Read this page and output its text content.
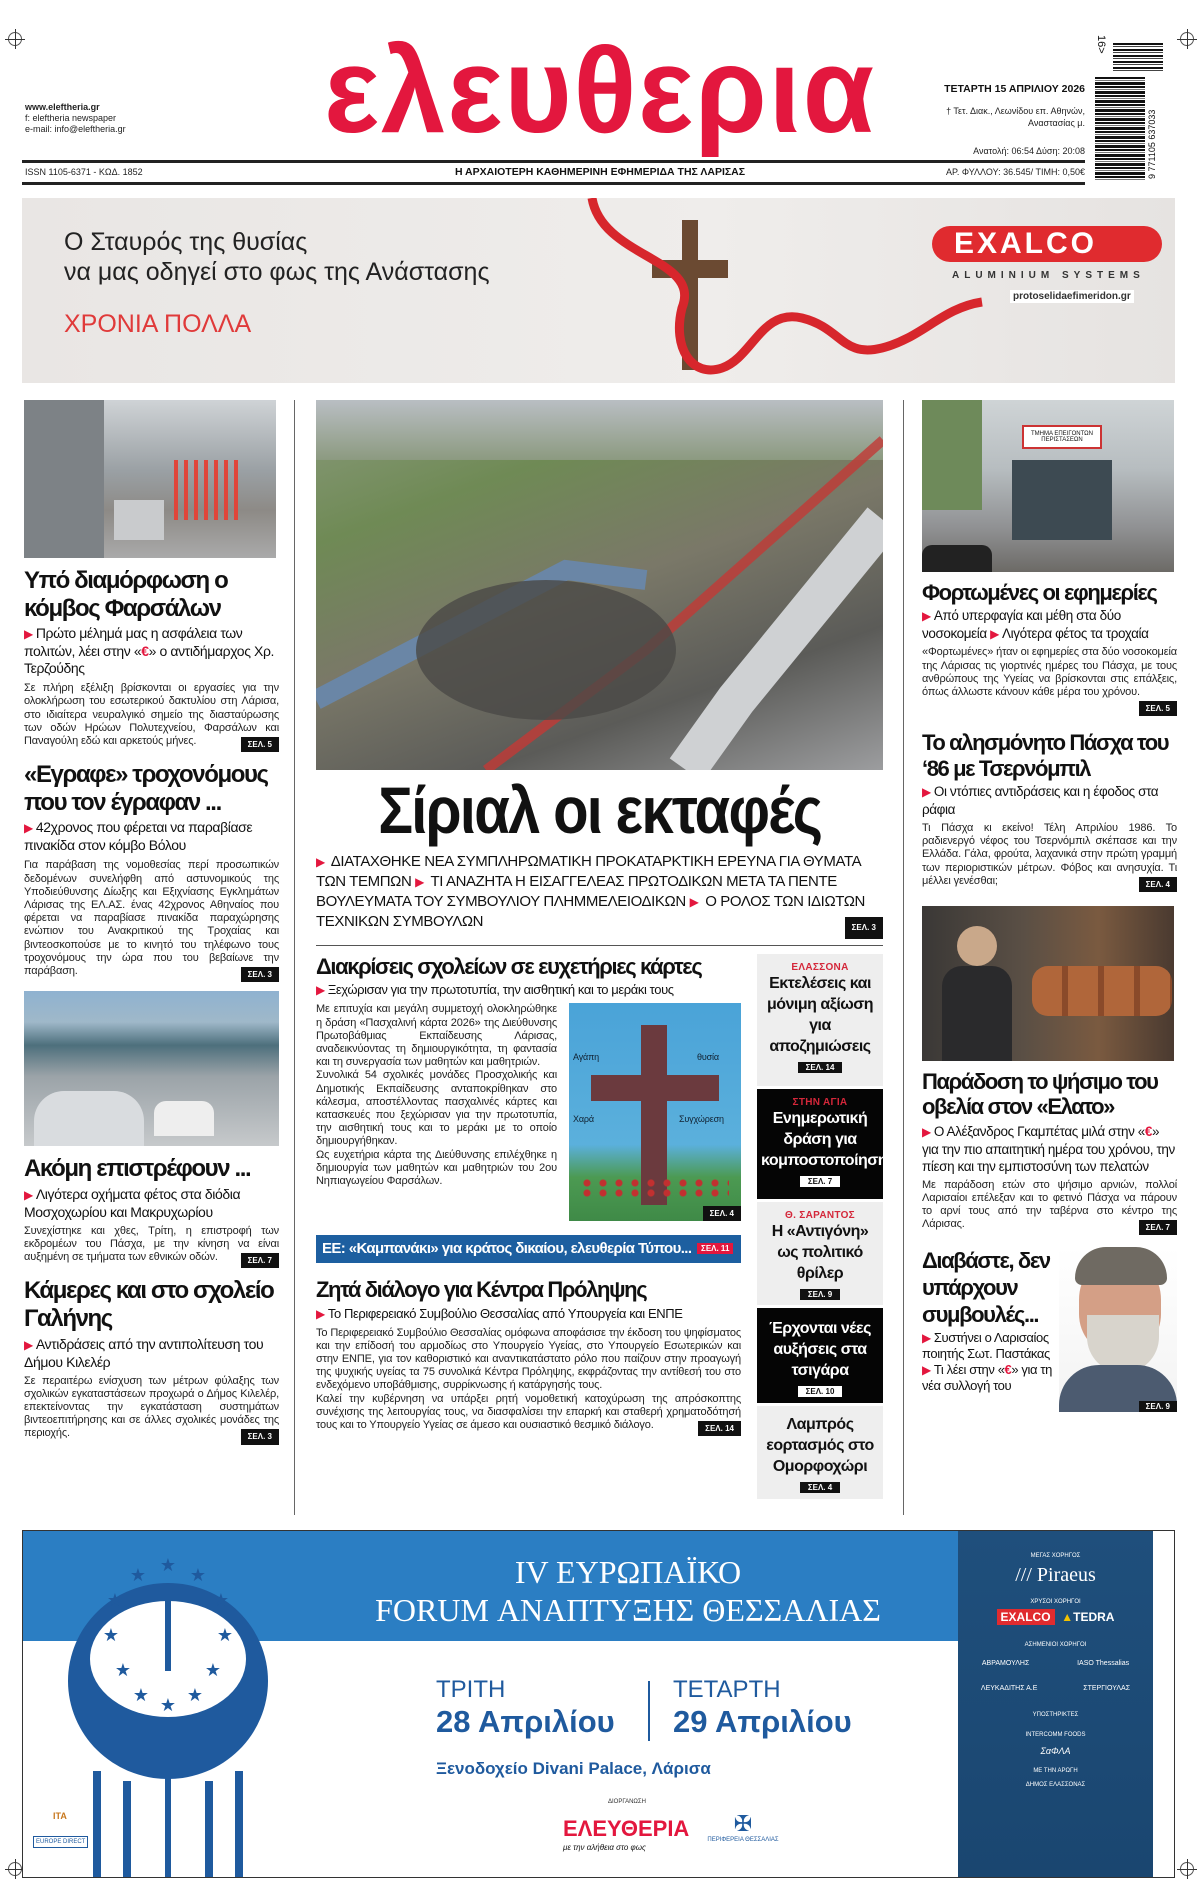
ελευθερια
www.eleftheria.gr
f: eleftheria newspaper
e-mail: info@eleftheria.gr
ΤΕΤΑΡΤΗ 15 ΑΠΡΙΛΙΟΥ 2026
† Τετ. Διακ., Λεωνίδου επ. Αθηνών,
Αναστασίας μ.
Ανατολή: 06:54 Δύση: 20:08
16>
9 771105 637033
ISSN 1105-6371 - ΚΩΔ. 1852	Η ΑΡΧΑΙΟΤΕΡΗ ΚΑΘΗΜΕΡΙΝΗ ΕΦΗΜΕΡΙΔΑ ΤΗΣ ΛΑΡΙΣΑΣ	ΑΡ. ΦΥΛΛΟΥ: 36.545/ ΤΙΜΗ: 0,50€
Ο Σταυρός της θυσίας
να μας οδηγεί στο φως της Ανάστασης
ΧΡΟΝΙΑ ΠΟΛΛΑ
EXALCO
ALUMINIUM SYSTEMS
protoselidaefimeridon.gr
Υπό διαμόρφωση ο κόμβος Φαρσάλων
▶ Πρώτο μέλημά μας η ασφάλεια των πολιτών, λέει στην «€» ο αντιδήμαρχος Χρ. Τερζούδης
Σε πλήρη εξέλιξη βρίσκονται οι εργασίες για την ολοκλήρωση του εσωτερικού δακτυλίου στη Λάρισα, στο ιδιαίτερα νευραλγικό σημείο της διασταύρωσης των οδών Ηρώων Πολυτεχνείου, Φαρσάλων και Παναγούλη εδώ και αρκετούς μήνες.	ΣΕΛ. 5
«Εγραφε» τροχονόμους που τον έγραφαν ...
▶ 42χρονος που φέρεται να παραβίασε πινακίδα στον κόμβο Βόλου
Για παράβαση της νομοθεσίας περί προσωπικών δεδομένων συνελήφθη από αστυνομικούς της Υποδιεύθυνσης Δίωξης και Εξιχνίασης Εγκλημάτων Λάρισας της ΕΛ.ΑΣ. ένας 42χρονος Αθηναίος που φέρεται να παραβίασε πινακίδα παραχώρησης ενώπιον του Ανακριτικού της Τροχαίας και βιντεοσκοπούσε με το κινητό του τηλέφωνο τους τροχονόμους την ώρα που του βεβαίωνε την παράβαση.	ΣΕΛ. 3
Ακόμη επιστρέφουν ...
▶ Λιγότερα οχήματα φέτος στα διόδια Μοσχοχωρίου και Μακρυχωρίου
Συνεχίστηκε και χθες, Τρίτη, η επιστροφή των εκδρομέων του Πάσχα, με την κίνηση να είναι αυξημένη σε τμήματα των εθνικών οδών.	ΣΕΛ. 7
Κάμερες και στο σχολείο Γαλήνης
▶ Αντιδράσεις από την αντιπολίτευση του Δήμου Κιλελέρ
Σε περαιτέρω ενίσχυση των μέτρων φύλαξης των σχολικών εγκαταστάσεων προχωρά ο Δήμος Κιλελέρ, επεκτείνοντας την εγκατάσταση συστημάτων βιντεοεπιτήρησης και σε άλλες σχολικές μονάδες της περιοχής.	ΣΕΛ. 3
Σίριαλ οι εκταφές
▶ ΔΙΑΤΑΧΘΗΚΕ ΝΕΑ ΣΥΜΠΛΗΡΩΜΑΤΙΚΗ ΠΡΟΚΑΤΑΡΚΤΙΚΗ ΕΡΕΥΝΑ ΓΙΑ ΘΥΜΑΤΑ ΤΩΝ ΤΕΜΠΩΝ ▶ ΤΙ ΑΝΑΖΗΤΑ Η ΕΙΣΑΓΓΕΛΕΑΣ ΠΡΩΤΟΔΙΚΩΝ ΜΕΤΑ ΤΑ ΠΕΝΤΕ ΒΟΥΛΕΥΜΑΤΑ ΤΟΥ ΣΥΜΒΟΥΛΙΟΥ ΠΛΗΜΜΕΛΕΙΟΔΙΚΩΝ ▶ Ο ΡΟΛΟΣ ΤΩΝ ΙΔΙΩΤΩΝ ΤΕΧΝΙΚΩΝ ΣΥΜΒΟΥΛΩΝ	ΣΕΛ. 3
Διακρίσεις σχολείων σε ευχετήριες κάρτες
▶ Ξεχώρισαν για την πρωτοτυπία, την αισθητική και το μεράκι τους
Αγάπη	θυσία
Χαρά	Συγχώρεση
ΣΕΛ. 4
Με επιτυχία και μεγάλη συμμετοχή ολοκληρώθηκε η δράση «Πασχαλινή κάρτα 2026» της Διεύθυνσης Πρωτοβάθμιας Εκπαίδευσης Λάρισας, αναδεικνύοντας τη δημιουργικότητα, τη φαντασία και τη συνεργασία των μαθητών και μαθητριών.
Συνολικά 54 σχολικές μονάδες Προσχολικής και Δημοτικής Εκπαίδευσης ανταποκρίθηκαν στο κάλεσμα, αποστέλλοντας πασχαλινές κάρτες και κατασκευές που ξεχώρισαν για την πρωτοτυπία, την αισθητική τους και το μεράκι με το οποίο δημιουργήθηκαν.
Ως ευχετήρια κάρτα της Διεύθυνσης επιλέχθηκε η δημιουργία των μαθητών και μαθητριών του 2ου Νηπιαγωγείου Φαρσάλων.
ΕΕ: «Καμπανάκι» για κράτος δικαίου, ελευθερία Τύπου... ΣΕΛ. 11
Ζητά διάλογο για Κέντρα Πρόληψης
▶ Το Περιφερειακό Συμβούλιο Θεσσαλίας από Υπουργεία και ΕΝΠΕ
Το Περιφερειακό Συμβούλιο Θεσσαλίας ομόφωνα αποφάσισε την έκδοση του ψηφίσματος και την επίδοσή του αρμοδίως στο Υπουργείο Υγείας, στο Υπουργείο Εσωτερικών και στην ΕΝΠΕ, για τον καθοριστικό και αναντικατάστατο ρόλο που παίζουν στην προαγωγή της ψυχικής υγείας τα 75 συνολικά Κέντρα Πρόληψης, εκφράζοντας την αντίθεσή του στο ενδεχόμενο υποβάθμισης, συρρίκνωσης ή κατάργησής τους.
Καλεί την κυβέρνηση να υπάρξει ρητή νομοθετική κατοχύρωση της απρόσκοπτης συνέχισης της λειτουργίας τους, να διασφαλίσει την επαρκή και σταθερή χρηματοδότησή τους και το Υπουργείο Υγείας σε άμεσο και ουσιαστικό θεσμικό διάλογο.	ΣΕΛ. 14
ΕΛΑΣΣΟΝΑ
Εκτελέσεις και μόνιμη αξίωση για αποζημιώσεις
ΣΕΛ. 14
ΣΤΗΝ ΑΓΙΑ
Ενημερωτική δράση για κομποστοποίηση
ΣΕΛ. 7
Θ. ΣΑΡΑΝΤΟΣ
Η «Αντιγόνη» ως πολιτικό θρίλερ
ΣΕΛ. 9
Έρχονται νέες αυξήσεις στα τσιγάρα
ΣΕΛ. 10
Λαμπρός εορτασμός στο Ομορφοχώρι
ΣΕΛ. 4
ΤΜΗΜΑ ΕΠΕΙΓΟΝΤΩΝ ΠΕΡΙΣΤΑΣΕΩΝ
Φορτωμένες οι εφημερίες
▶ Από υπερφαγία και μέθη στα δύο νοσοκομεία ▶ Λιγότερα φέτος τα τροχαία
«Φορτωμένες» ήταν οι εφημερίες στα δύο νοσοκομεία της Λάρισας τις γιορτινές ημέρες του Πάσχα, με τους ανθρώπους της Υγείας να βρίσκονται στις επάλξεις, όπως άλλωστε κάνουν κάθε μέρα του χρόνου.
ΣΕΛ. 5
Το αλησμόνητο Πάσχα του ‘86 με Τσερνόμπιλ
▶ Οι ντόπιες αντιδράσεις και η έφοδος στα ράφια
Τι Πάσχα κι εκείνο! Τέλη Απριλίου 1986. Το ραδιενεργό νέφος του Τσερνόμπιλ σκέπασε και την Ελλάδα. Γάλα, φρούτα, λαχανικά στην πρώτη γραμμή των περιοριστικών μέτρων. Φόβος και ανησυχία. Τι μέλλει γενέσθαι;	ΣΕΛ. 4
Παράδοση το ψήσιμο του οβελία στον «Ελατο»
▶ Ο Αλέξανδρος Γκαμπέτας μιλά στην «€» για την πιο απαιτητική ημέρα του χρόνου, την πίεση και την εμπιστοσύνη των πελατών
Με παράδοση ετών στο ψήσιμο αρνιών, πολλοί Λαρισαίοι επέλεξαν και το φετινό Πάσχα να πάρουν το αρνί τους από την ταβέρνα στο κέντρο της Λάρισας.	ΣΕΛ. 7
ΣΕΛ. 9
Διαβάστε, δεν υπάρχουν συμβουλές...
▶ Συστήνει ο Λαρισαίος ποιητής Σωτ. Παστάκας
▶ Τι λέει στην «€» για τη νέα συλλογή του
★
★ ★
★	★
★	★
★	★
★ ★
★
IV ΕΥΡΩΠΑΪΚΟ
FORUM ΑΝΑΠΤΥΞΗΣ ΘΕΣΣΑΛΙΑΣ
ΤΡΙΤΗ
28 Απριλίου
ΤΕΤΑΡΤΗ
29 Απριλίου
Ξενοδοχείο Divani Palace, Λάρισα
ΔΙΟΡΓΑΝΩΣΗ
ΕΛΕΥΘΕΡΙΑ
με την αλήθεια στο φως
✠
ΠΕΡΙΦΕΡΕΙΑ ΘΕΣΣΑΛΙΑΣ
ΙΤΑ
EUROPE DIRECT
ΜΕΓΑΣ ΧΟΡΗΓΟΣ
/// Piraeus
ΧΡΥΣΟΙ ΧΟΡΗΓΟΙ
EXALCO ▲TEDRA
ΑΣΗΜΕΝΙΟΙ ΧΟΡΗΓΟΙ
ΑΒΡΑΜΟΥΛΗΣ	IASO Thessalias
ΛΕΥΚΑΔΙΤΗΣ Α.Ε	ΣΤΕΡΓΙΟΥΛΑΣ
ΥΠΟΣΤΗΡΙΚΤΕΣ
INTERCOMM FOODS
ΣαΦΛΑ
ΜΕ ΤΗΝ ΑΡΩΓΗ
ΔΗΜΟΣ ΕΛΑΣΣΟΝΑΣ
